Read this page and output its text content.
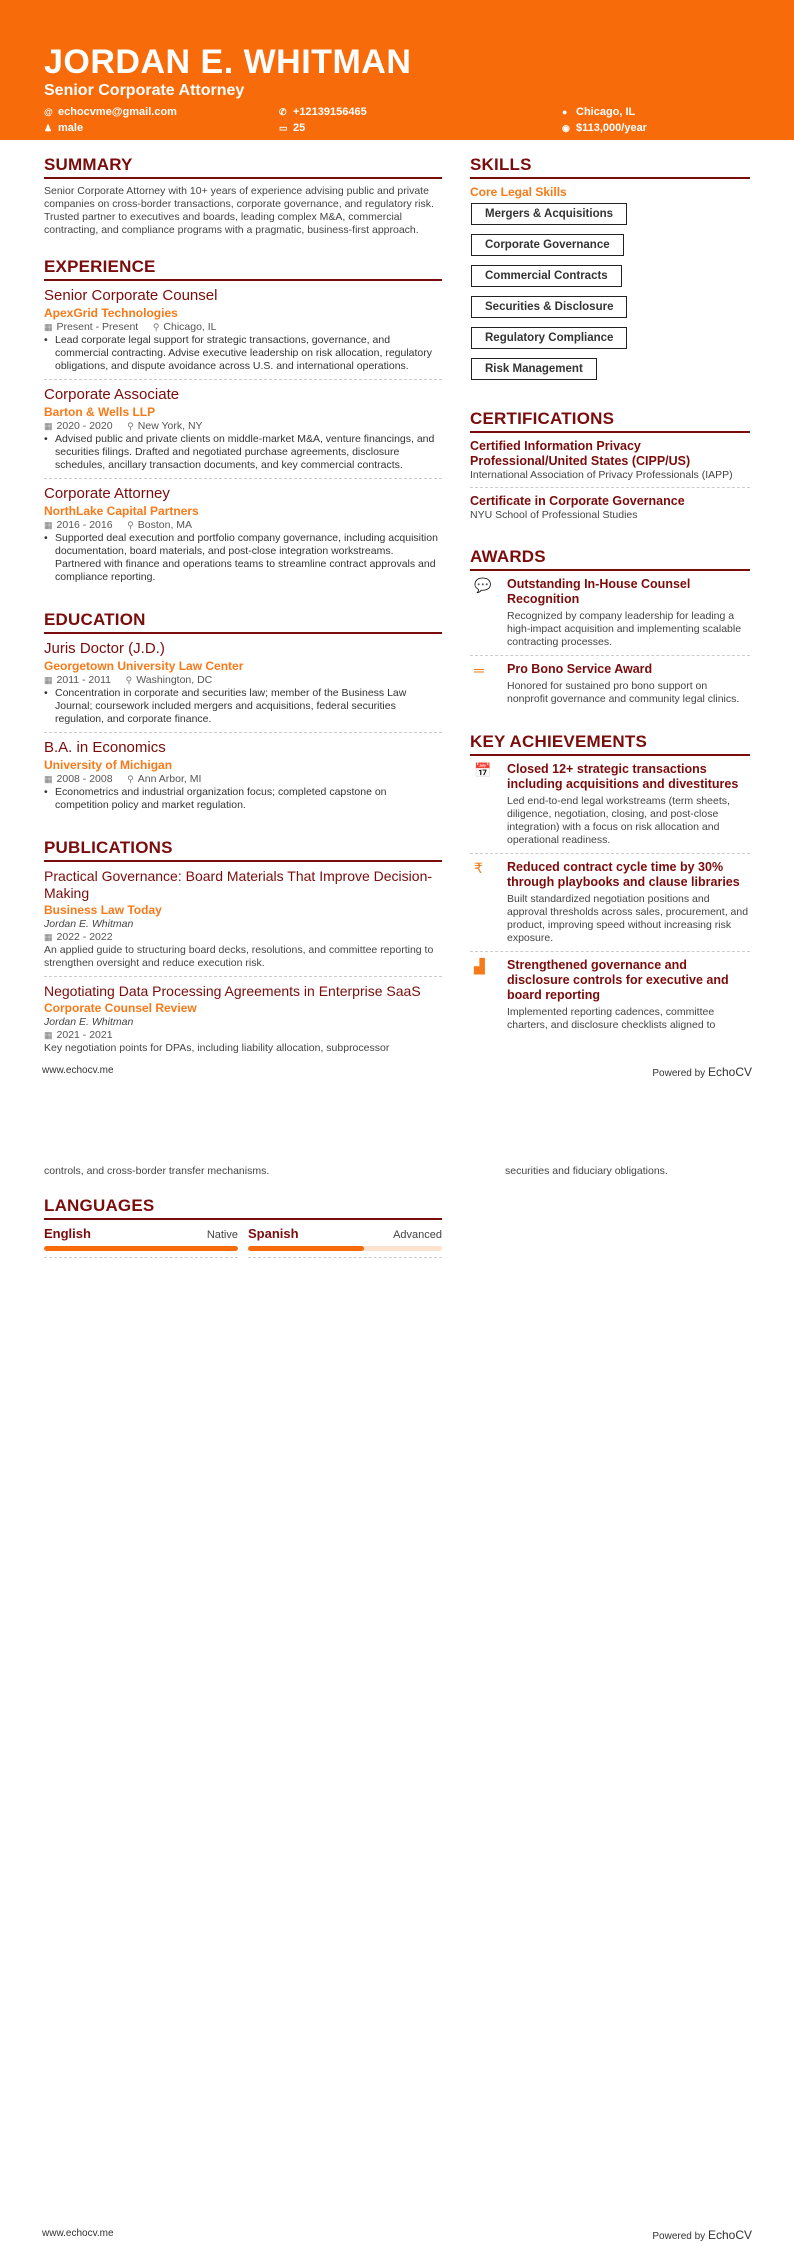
JORDAN E. WHITMAN
Senior Corporate Attorney
@ echocvme@gmail.com	✆ +12139156465	● Chicago, IL
♟ male	▭ 25	◉ $113,000/year
SUMMARY
Senior Corporate Attorney with 10+ years of experience advising public and private companies on cross-border transactions, corporate governance, and regulatory risk. Trusted partner to executives and boards, leading complex M&A, commercial contracting, and compliance programs with a pragmatic, business-first approach.
EXPERIENCE
Senior Corporate Counsel
ApexGrid Technologies
▦ Present - Present ⚲ Chicago, IL
• Lead corporate legal support for strategic transactions, governance, and commercial contracting. Advise executive leadership on risk allocation, regulatory obligations, and dispute avoidance across U.S. and international operations.
Corporate Associate
Barton & Wells LLP
▦ 2020 - 2020 ⚲ New York, NY
• Advised public and private clients on middle-market M&A, venture financings, and securities filings. Drafted and negotiated purchase agreements, disclosure schedules, ancillary transaction documents, and key commercial contracts.
Corporate Attorney
NorthLake Capital Partners
▦ 2016 - 2016 ⚲ Boston, MA
• Supported deal execution and portfolio company governance, including acquisition documentation, board materials, and post-close integration workstreams. Partnered with finance and operations teams to streamline contract approvals and compliance reporting.
EDUCATION
Juris Doctor (J.D.)
Georgetown University Law Center
▦ 2011 - 2011 ⚲ Washington, DC
• Concentration in corporate and securities law; member of the Business Law Journal; coursework included mergers and acquisitions, federal securities regulation, and corporate finance.
B.A. in Economics
University of Michigan
▦ 2008 - 2008 ⚲ Ann Arbor, MI
• Econometrics and industrial organization focus; completed capstone on competition policy and market regulation.
PUBLICATIONS
Practical Governance: Board Materials That Improve Decision-Making
Business Law Today
Jordan E. Whitman
▦ 2022 - 2022
An applied guide to structuring board decks, resolutions, and committee reporting to strengthen oversight and reduce execution risk.
Negotiating Data Processing Agreements in Enterprise SaaS
Corporate Counsel Review
Jordan E. Whitman
▦ 2021 - 2021
Key negotiation points for DPAs, including liability allocation, subprocessor
SKILLS
Core Legal Skills
Mergers & Acquisitions
Corporate Governance
Commercial Contracts
Securities & Disclosure
Regulatory Compliance
Risk Management
CERTIFICATIONS
Certified Information Privacy Professional/United States (CIPP/US)
International Association of Privacy Professionals (IAPP)
Certificate in Corporate Governance
NYU School of Professional Studies
AWARDS
💬	Outstanding In-House Counsel Recognition
Recognized by company leadership for leading a high-impact acquisition and implementing scalable contracting processes.
═	Pro Bono Service Award
Honored for sustained pro bono support on nonprofit governance and community legal clinics.
KEY ACHIEVEMENTS
📅	Closed 12+ strategic transactions including acquisitions and divestitures
Led end-to-end legal workstreams (term sheets, diligence, negotiation, closing, and post-close integration) with a focus on risk allocation and operational readiness.
₹	Reduced contract cycle time by 30% through playbooks and clause libraries
Built standardized negotiation positions and approval thresholds across sales, procurement, and product, improving speed without increasing risk exposure.
▟	Strengthened governance and disclosure controls for executive and board reporting
Implemented reporting cadences, committee charters, and disclosure checklists aligned to
www.echocv.me	Powered by EchoCV
controls, and cross-border transfer mechanisms.
LANGUAGES
English	Native Spanish	Advanced
securities and fiduciary obligations.
www.echocv.me	Powered by EchoCV
